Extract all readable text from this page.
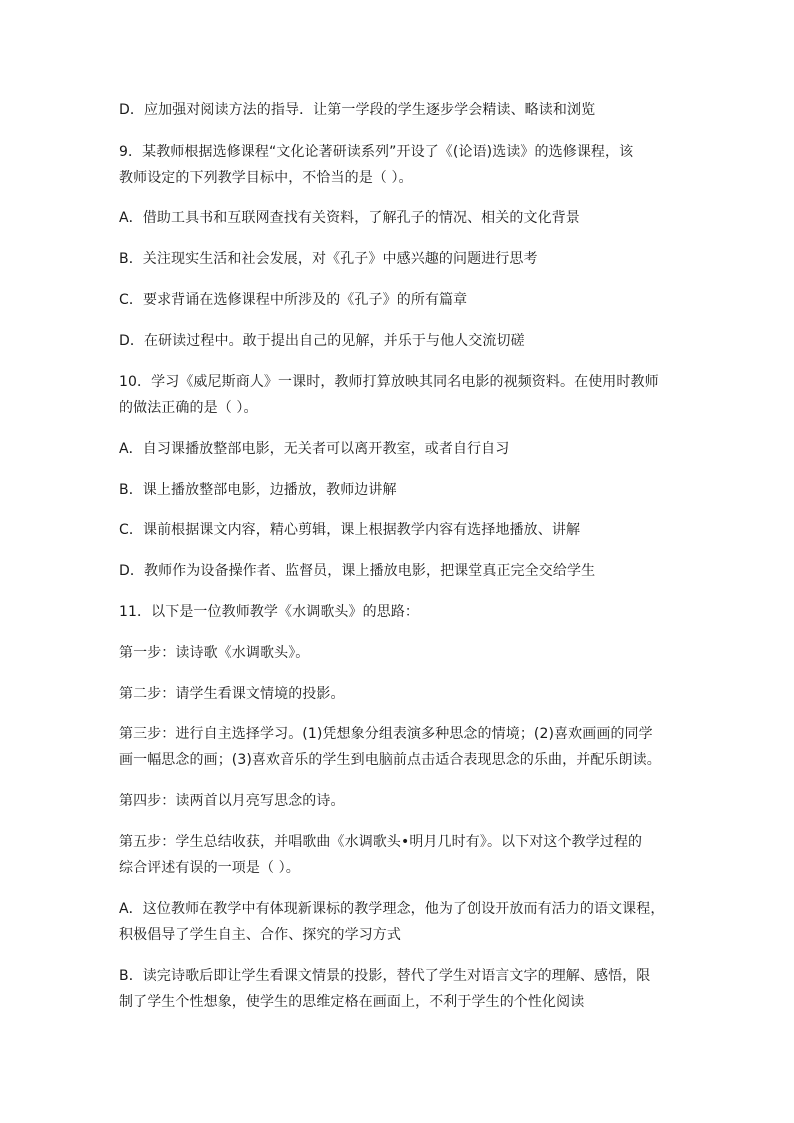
D．应加强对阅读方法的指导．让第一学段的学生逐步学会精读、略读和浏览
9．某教师根据选修课程“文化论著研读系列”开设了《(论语)选读》的选修课程，该
教师设定的下列教学目标中，不恰当的是（ ）。
A．借助工具书和互联网查找有关资料，了解孔子的情况、相关的文化背景
B．关注现实生活和社会发展，对《孔子》中感兴趣的问题进行思考
C．要求背诵在选修课程中所涉及的《孔子》的所有篇章
D．在研读过程中。敢于提出自己的见解，并乐于与他人交流切磋
10．学习《威尼斯商人》一课时，教师打算放映其同名电影的视频资料。在使用时教师
的做法正确的是（ ）。
A．自习课播放整部电影，无关者可以离开教室，或者自行自习
B．课上播放整部电影，边播放，教师边讲解
C．课前根据课文内容，精心剪辑，课上根据教学内容有选择地播放、讲解
D．教师作为设备操作者、监督员，课上播放电影，把课堂真正完全交给学生
11．以下是一位教师教学《水调歌头》的思路：
第一步：读诗歌《水调歌头》。
第二步：请学生看课文情境的投影。
第三步：进行自主选择学习。(1)凭想象分组表演多种思念的情境；(2)喜欢画画的同学
画一幅思念的画；(3)喜欢音乐的学生到电脑前点击适合表现思念的乐曲，并配乐朗读。
第四步：读两首以月亮写思念的诗。
第五步：学生总结收获，并唱歌曲《水调歌头•明月几时有》。以下对这个教学过程的
综合评述有误的一项是（ ）。
A．这位教师在教学中有体现新课标的教学理念，他为了创设开放而有活力的语文课程，
积极倡导了学生自主、合作、探究的学习方式
B．读完诗歌后即让学生看课文情景的投影，替代了学生对语言文字的理解、感悟，限
制了学生个性想象，使学生的思维定格在画面上，不利于学生的个性化阅读
